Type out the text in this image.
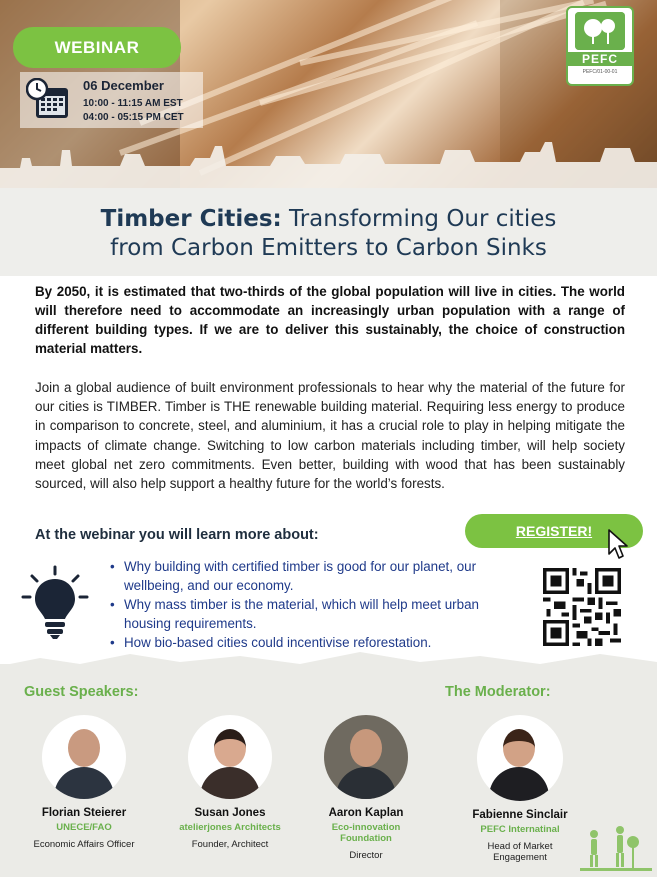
WEBINAR
06 December
10:00 - 11:15 AM EST
04:00 - 05:15 PM CET
PEFC
PEFC/01-00-01
Timber Cities: Transforming Our cities
from Carbon Emitters to Carbon Sinks

By 2050, it is estimated that two-thirds of the global population will live in cities. The world will therefore need to accommodate an increasingly urban population with a range of different building types. If we are to deliver this sustainably, the choice of construction material matters.

Join a global audience of built environment professionals to hear why the material of the future for our cities is TIMBER. Timber is THE renewable building material. Requiring less energy to produce in comparison to concrete, steel, and aluminium, it has a crucial role to play in helping mitigate the impacts of climate change. Switching to low carbon materials including timber, will help society meet global net zero commitments. Even better, building with wood that has been sustainably sourced, will also help support a healthy future for the world’s forests.

At the webinar you will learn more about:	REGISTER!
• Why building with certified timber is good for our planet, our wellbeing, and our economy.
• Why mass timber is the material, which will help meet urban housing requirements.
• How bio-based cities could incentivise reforestation.
Guest Speakers:	The Moderator:
Florian Steierer
UNECE/FAO
Economic Affairs Officer
Susan Jones
atelierjones Architects
Founder, Architect
Aaron Kaplan
Eco-innovation Foundation
Director
Fabienne Sinclair
PEFC Internatinal
Head of Market Engagement
